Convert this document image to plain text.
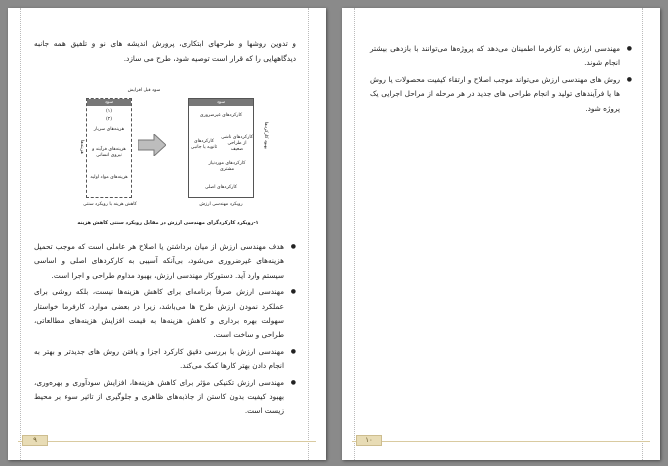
و تدوین روشها و طرحهای ابتکاری، پرورش اندیشه های نو و تلفیق همه جانبه دیدگاههایی را که قرار است توصیه شود، طرح می سازد.

سود قبل افزایش
سود
(۱)
(۲)
هزینه‌های سربار
هزینه‌های فرآیند و نیروی انسانی
هزینه‌های مواد اولیه
هزینه‌ها
سود
کارکردهای غیرضروری
کارکردهای ثانویه یا جانبی
کارکردهای ناشی از طراحی ضعیف
کارکردهای موردنیاز مشتری
کارکردهای اصلی
بهبود کارکردها
کاهش هزینه با رویکرد سنتی	رویکرد مهندسی ارزش
۱-رویکرد کارکردگرای مهندسی ارزش در مقابل رویکرد سنتی کاهش هزینه
● هدف مهندسی ارزش از میان برداشتن یا اصلاح هر عاملی است که موجب تحمیل هزینه‌های غیرضروری می‌شود، بی‌آنکه آسیبی به کارکردهای اصلی و اساسی سیستم وارد آید. دستورکار مهندسی ارزش، بهبود مداوم طراحی و اجرا است.
● مهندسی ارزش صرفاً برنامه‌ای برای کاهش هزینه‌ها نیست، بلکه روشی برای عملکرد نمودن ارزش طرح ها می‌باشد، زیرا در بعضی موارد، کارفرما خواستار سهولت بهره برداری و کاهش هزینه‌ها به قیمت افزایش هزینه‌های مطالعاتی، طراحی و ساخت است.
● مهندسی ارزش با بررسی دقیق کارکرد اجزا و یافتن روش های جدیدتر و بهتر به انجام دادن بهتر کارها کمک می‌کند.
● مهندسی ارزش تکنیکی مؤثر برای کاهش هزینه‌ها، افزایش سودآوری و بهره‌وری، بهبود کیفیت بدون کاستن از جاذبه‌های ظاهری و جلوگیری از تاثیر سوء بر محیط زیست است.
۹
● مهندسی ارزش به کارفرما اطمینان می‌دهد که پروژه‌ها می‌توانند با بازدهی بیشتر انجام شوند.
● روش های مهندسی ارزش می‌تواند موجب اصلاح و ارتقاء کیفیت محصولات یا روش ها یا فرآیندهای تولید و انجام طراحی های جدید در هر مرحله از مراحل اجرایی یک پروژه شود.
۱۰
